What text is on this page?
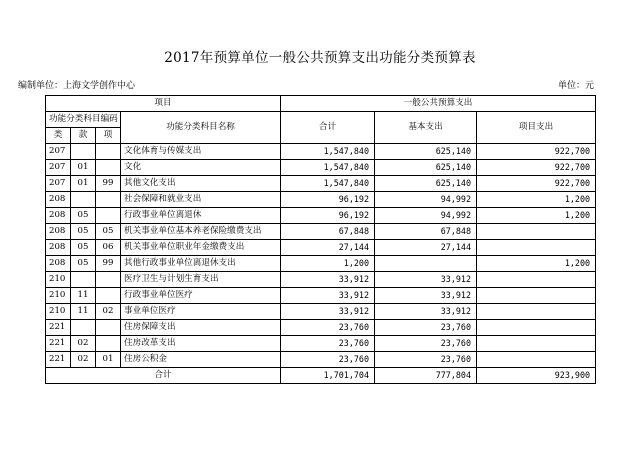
2017年预算单位一般公共预算支出功能分类预算表
编制单位：上海文学创作中心	单位：元
项目				一般公共预算支出		
功能分类科目编码			功能分类科目名称	合计	基本支出	项目支出
类	款	项				
207			文化体育与传媒支出	1,547,840	625,140	922,700
207	01		文化	1,547,840	625,140	922,700
207	01	99	其他文化支出	1,547,840	625,140	922,700
208			社会保障和就业支出	96,192	94,992	1,200
208	05		行政事业单位离退休	96,192	94,992	1,200
208	05	05	机关事业单位基本养老保险缴费支出	67,848	67,848	
208	05	06	机关事业单位职业年金缴费支出	27,144	27,144	
208	05	99	其他行政事业单位离退休支出	1,200		1,200
210			医疗卫生与计划生育支出	33,912	33,912	
210	11		行政事业单位医疗	33,912	33,912	
210	11	02	事业单位医疗	33,912	33,912	
221			住房保障支出	23,760	23,760	
221	02		住房改革支出	23,760	23,760	
221	02	01	住房公积金	23,760	23,760	
合计				1,701,704	777,804	923,900
